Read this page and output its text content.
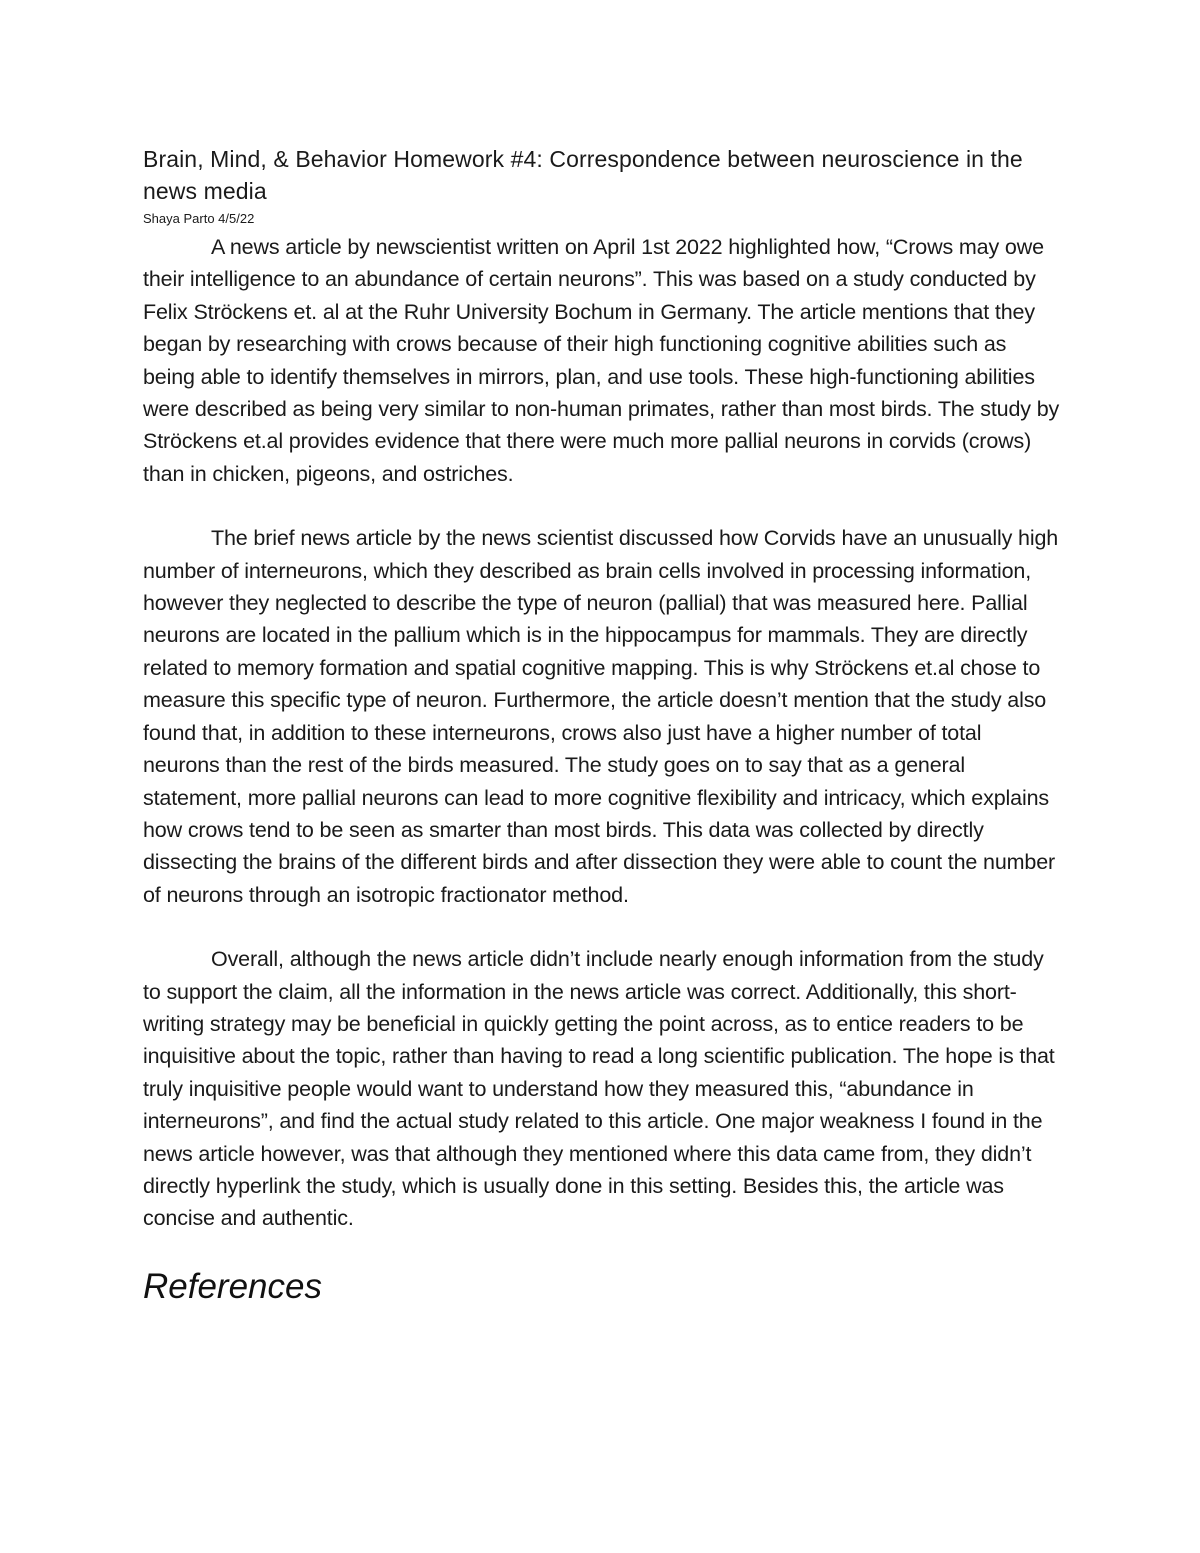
Brain, Mind, & Behavior Homework #4: Correspondence between neuroscience in the news media
Shaya Parto 4/5/22

A news article by newscientist written on April 1st 2022 highlighted how, “Crows may owe their intelligence to an abundance of certain neurons”. This was based on a study conducted by Felix Ströckens et. al at the Ruhr University Bochum in Germany. The article mentions that they began by researching with crows because of their high functioning cognitive abilities such as being able to identify themselves in mirrors, plan, and use tools. These high-functioning abilities were described as being very similar to non-human primates, rather than most birds. The study by Ströckens et.al provides evidence that there were much more pallial neurons in corvids (crows) than in chicken, pigeons, and ostriches.

The brief news article by the news scientist discussed how Corvids have an unusually high number of interneurons, which they described as brain cells involved in processing information, however they neglected to describe the type of neuron (pallial) that was measured here. Pallial neurons are located in the pallium which is in the hippocampus for mammals. They are directly related to memory formation and spatial cognitive mapping. This is why Ströckens et.al chose to measure this specific type of neuron. Furthermore, the article doesn’t mention that the study also found that, in addition to these interneurons, crows also just have a higher number of total neurons than the rest of the birds measured. The study goes on to say that as a general statement, more pallial neurons can lead to more cognitive flexibility and intricacy, which explains how crows tend to be seen as smarter than most birds. This data was collected by directly dissecting the brains of the different birds and after dissection they were able to count the number of neurons through an isotropic fractionator method.

Overall, although the news article didn’t include nearly enough information from the study to support the claim, all the information in the news article was correct. Additionally, this short-writing strategy may be beneficial in quickly getting the point across, as to entice readers to be inquisitive about the topic, rather than having to read a long scientific publication. The hope is that truly inquisitive people would want to understand how they measured this, “abundance in interneurons”, and find the actual study related to this article. One major weakness I found in the news article however, was that although they mentioned where this data came from, they didn’t directly hyperlink the study, which is usually done in this setting. Besides this, the article was concise and authentic.

References
